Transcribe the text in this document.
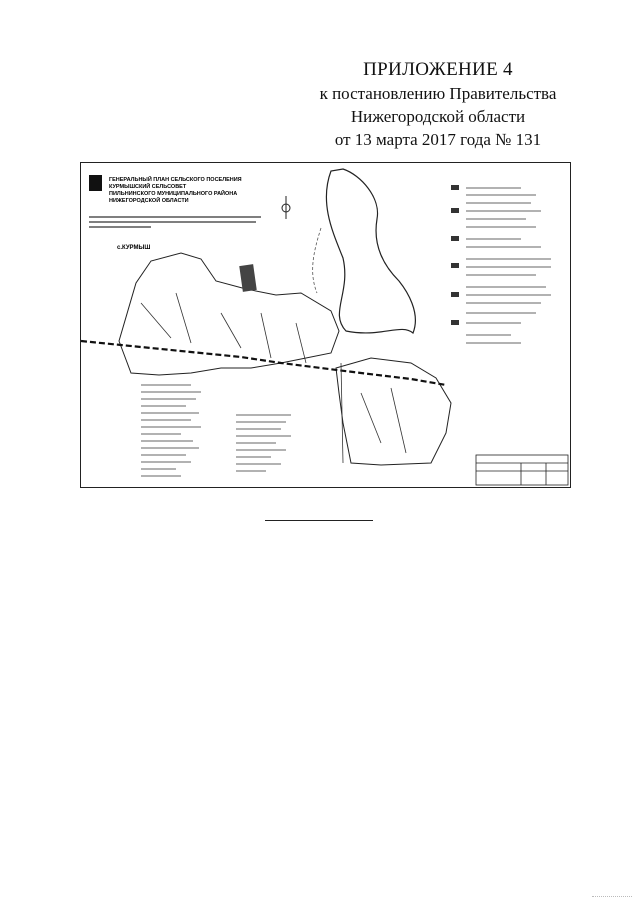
ПРИЛОЖЕНИЕ 4
к постановлению Правительства
Нижегородской области
от 13 марта 2017 года № 131
ГЕНЕРАЛЬНЫЙ ПЛАН СЕЛЬСКОГО ПОСЕЛЕНИЯ
КУРМЫШСКИЙ СЕЛЬСОВЕТ
ПИЛЬНИНСКОГО МУНИЦИПАЛЬНОГО РАЙОНА
НИЖЕГОРОДСКОЙ ОБЛАСТИ
с.КУРМЫШ
